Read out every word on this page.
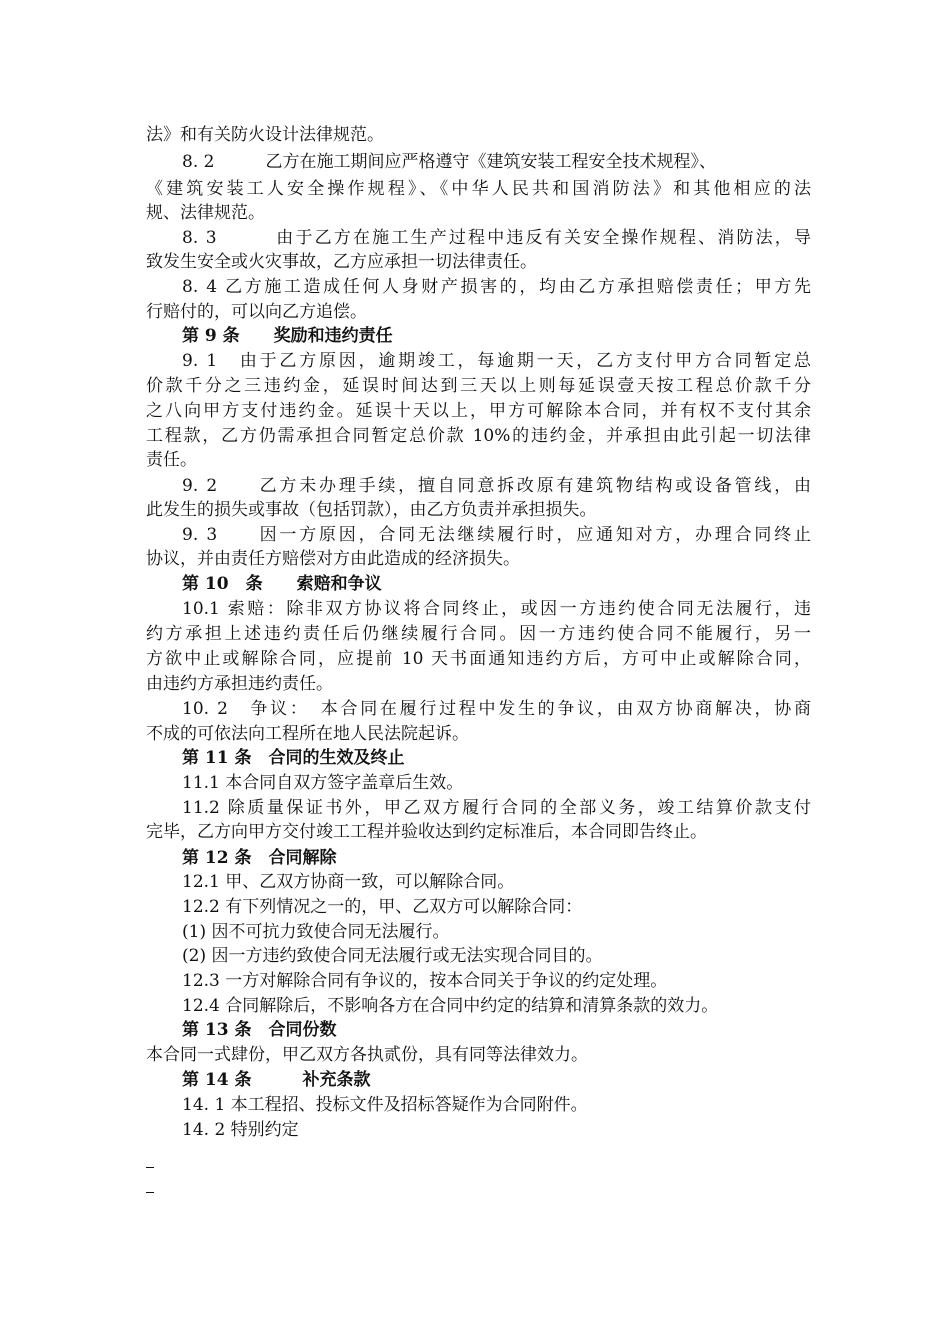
法》和有关防火设计法律规范。
8. 2　　　乙方在施工期间应严格遵守《建筑安装工程安全技术规程》、
《建筑安装工人安全操作规程》、《中华人民共和国消防法》和其他相应的法
规、法律规范。
8. 3　　　由于乙方在施工生产过程中违反有关安全操作规程、消防法，导
致发生安全或火灾事故，乙方应承担一切法律责任。
8. 4 乙方施工造成任何人身财产损害的，均由乙方承担赔偿责任；甲方先
行赔付的，可以向乙方追偿。
第 9 条　　奖励和违约责任
9. 1　由于乙方原因，逾期竣工，每逾期一天，乙方支付甲方合同暂定总
价款千分之三违约金，延误时间达到三天以上则每延误壹天按工程总价款千分
之八向甲方支付违约金。延误十天以上，甲方可解除本合同，并有权不支付其余
工程款，乙方仍需承担合同暂定总价款 10%的违约金，并承担由此引起一切法律
责任。
9. 2　　乙方未办理手续，擅自同意拆改原有建筑物结构或设备管线，由
此发生的损失或事故（包括罚款），由乙方负责并承担损失。
9. 3　　因一方原因，合同无法继续履行时，应通知对方，办理合同终止
协议，并由责任方赔偿对方由此造成的经济损失。
第 10　条　　索赔和争议
10.1 索赔：除非双方协议将合同终止，或因一方违约使合同无法履行，违
约方承担上述违约责任后仍继续履行合同。因一方违约使合同不能履行，另一
方欲中止或解除合同，应提前 10 天书面通知违约方后，方可中止或解除合同，
由违约方承担违约责任。
10. 2　争议：　本合同在履行过程中发生的争议，由双方协商解决，协商
不成的可依法向工程所在地人民法院起诉。
第 11 条　合同的生效及终止
11.1 本合同自双方签字盖章后生效。
11.2 除质量保证书外，甲乙双方履行合同的全部义务，竣工结算价款支付
完毕，乙方向甲方交付竣工工程并验收达到约定标准后，本合同即告终止。
第 12 条　合同解除
12.1 甲、乙双方协商一致，可以解除合同。
12.2 有下列情况之一的，甲、乙双方可以解除合同：
(1) 因不可抗力致使合同无法履行。
(2) 因一方违约致使合同无法履行或无法实现合同目的。
12.3 一方对解除合同有争议的，按本合同关于争议的约定处理。
12.4 合同解除后，不影响各方在合同中约定的结算和清算条款的效力。
第 13 条　合同份数
本合同一式肆份，甲乙双方各执贰份，具有同等法律效力。
第 14 条　　　补充条款
14. 1 本工程招、投标文件及招标答疑作为合同附件。
14. 2 特别约定
